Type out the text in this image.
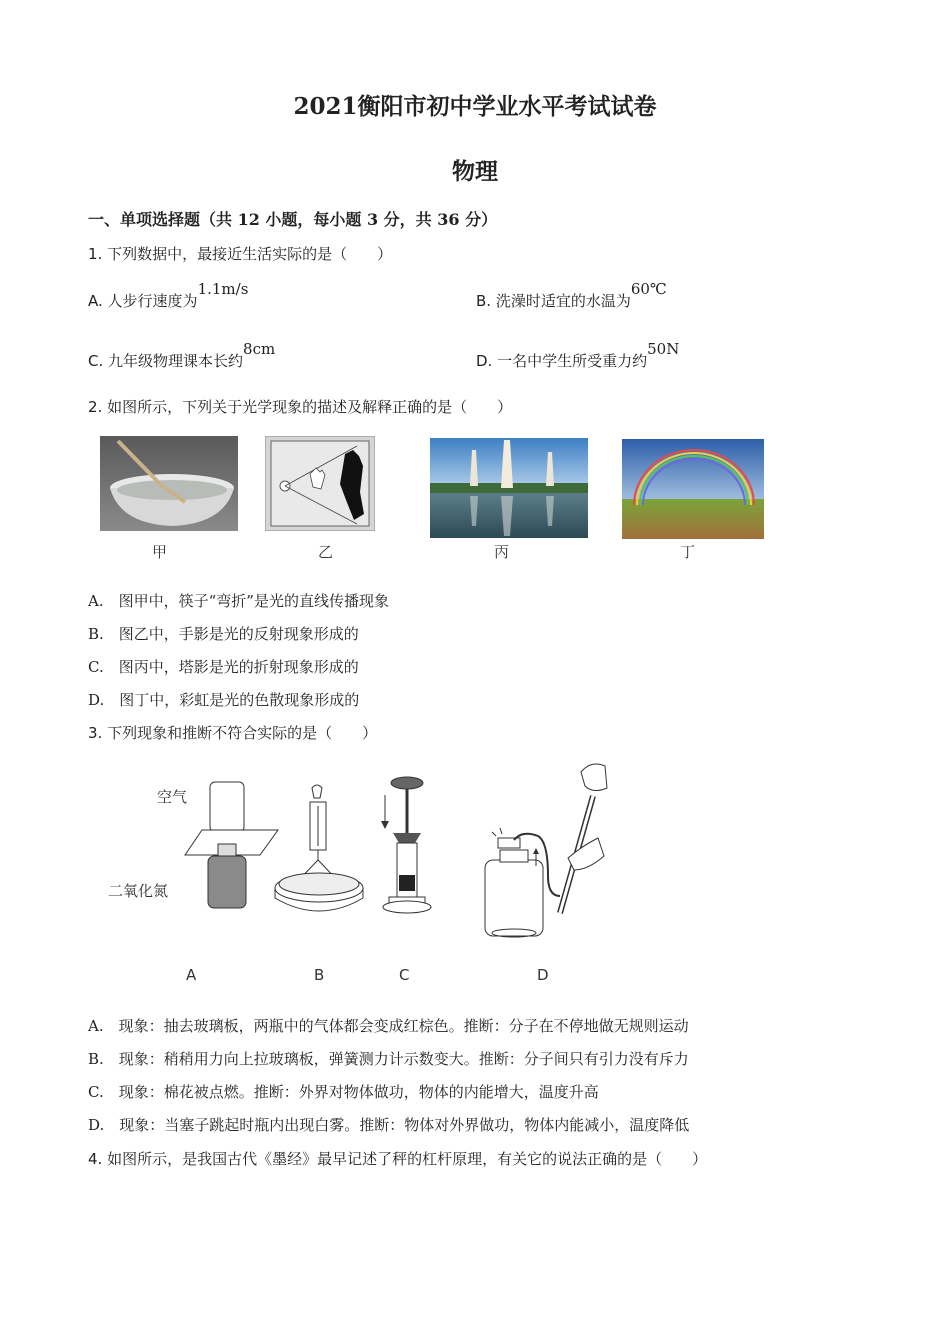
2021衡阳市初中学业水平考试试卷
物理
一、单项选择题（共 12 小题，每小题 3 分，共 36 分）
1. 下列数据中，最接近生活实际的是（　　）
A. 人步行速度为1.1m/s
B. 洗澡时适宜的水温为60℃
C. 九年级物理课本长约8cm
D. 一名中学生所受重力约50N
2. 如图所示，下列关于光学现象的描述及解释正确的是（　　）
甲	乙	丙	丁
A.　图甲中，筷子“弯折”是光的直线传播现象
B.　图乙中，手影是光的反射现象形成的
C.　图丙中，塔影是光的折射现象形成的
D.　图丁中，彩虹是光的色散现象形成的
3. 下列现象和推断不符合实际的是（　　）
空气
二氧化氮
A	B	C	D
A.　现象：抽去玻璃板，两瓶中的气体都会变成红棕色。推断：分子在不停地做无规则运动
B.　现象：稍稍用力向上拉玻璃板，弹簧测力计示数变大。推断：分子间只有引力没有斥力
C.　现象：棉花被点燃。推断：外界对物体做功，物体的内能增大，温度升高
D.　现象：当塞子跳起时瓶内出现白雾。推断：物体对外界做功，物体内能减小，温度降低
4. 如图所示，是我国古代《墨经》最早记述了秤的杠杆原理，有关它的说法正确的是（　　）
